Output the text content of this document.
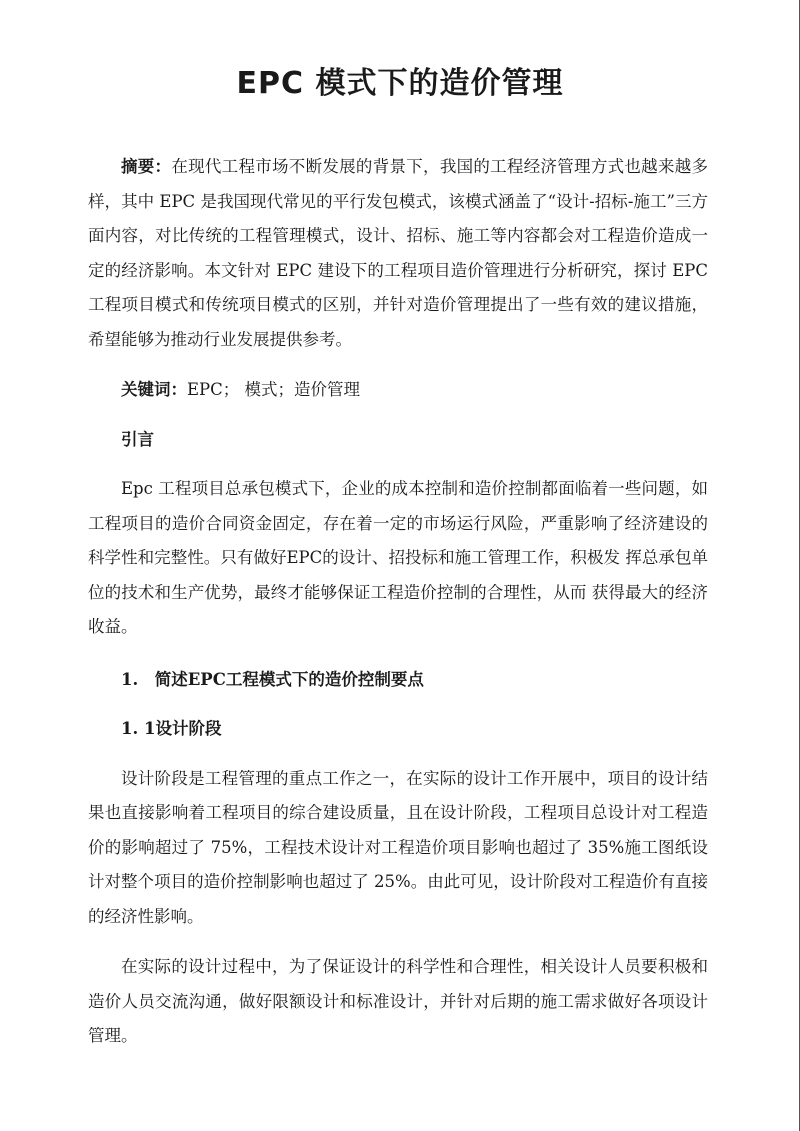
EPC 模式下的造价管理

摘要：在现代工程市场不断发展的背景下，我国的工程经济管理方式也越来越多样，其中 EPC 是我国现代常见的平行发包模式，该模式涵盖了“设计-招标-施工”三方面内容，对比传统的工程管理模式，设计、招标、施工等内容都会对工程造价造成一定的经济影响。本文针对 EPC 建设下的工程项目造价管理进行分析研究，探讨 EPC 工程项目模式和传统项目模式的区别，并针对造价管理提出了一些有效的建议措施，希望能够为推动行业发展提供参考。

关键词：EPC； 模式；造价管理

引言

Epc 工程项目总承包模式下，企业的成本控制和造价控制都面临着一些问题，如工程项目的造价合同资金固定，存在着一定的市场运行风险，严重影响了经济建设的科学性和完整性。只有做好EPC的设计、招投标和施工管理工作，积极发 挥总承包单位的技术和生产优势，最终才能够保证工程造价控制的合理性，从而 获得最大的经济收益。

1.　简述EPC工程模式下的造价控制要点

1. 1设计阶段

设计阶段是工程管理的重点工作之一，在实际的设计工作开展中，项目的设计结果也直接影响着工程项目的综合建设质量，且在设计阶段，工程项目总设计对工程造价的影响超过了 75%，工程技术设计对工程造价项目影响也超过了 35%施工图纸设计对整个项目的造价控制影响也超过了 25%。由此可见，设计阶段对工程造价有直接的经济性影响。

在实际的设计过程中，为了保证设计的科学性和合理性，相关设计人员要积极和造价人员交流沟通，做好限额设计和标准设计，并针对后期的施工需求做好各项设计管理。
